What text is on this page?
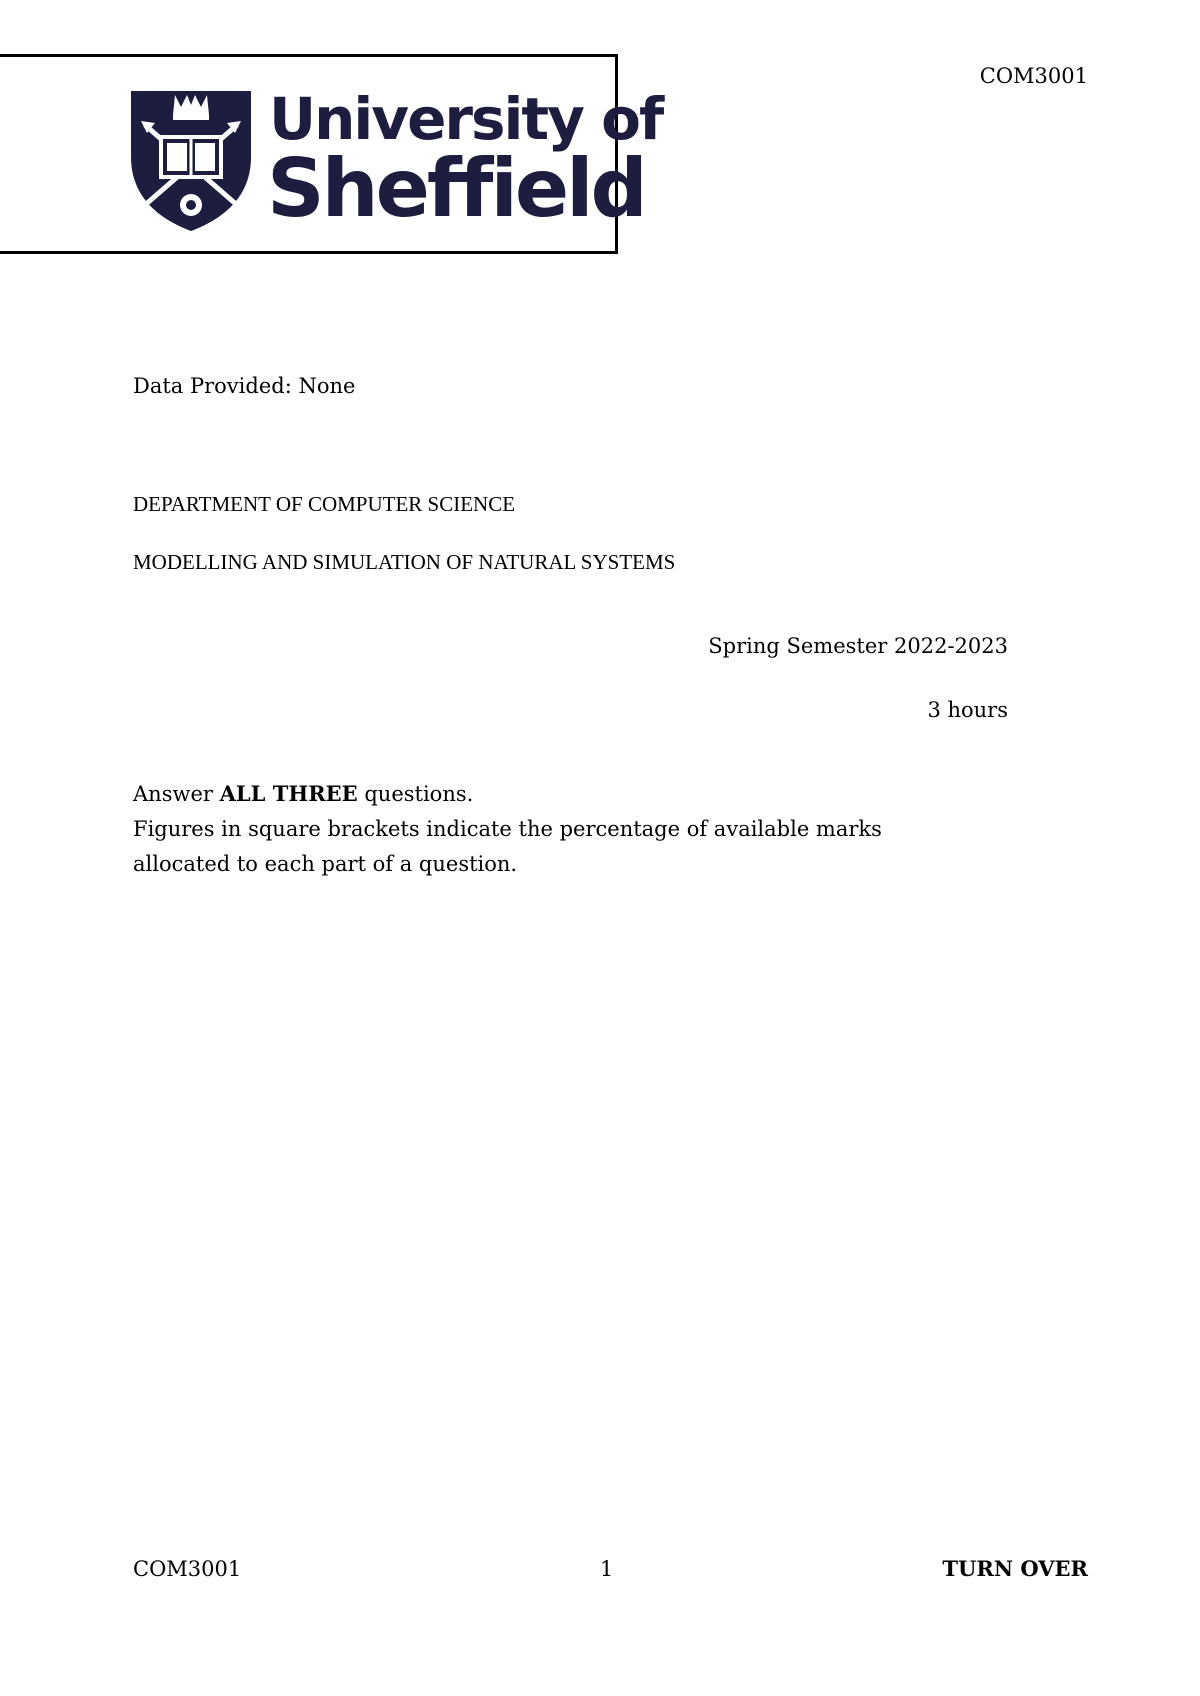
University of
Sheffield
COM3001
Data Provided: None
DEPARTMENT OF COMPUTER SCIENCE
MODELLING AND SIMULATION OF NATURAL SYSTEMS
Spring Semester 2022-2023
3 hours
Answer ALL THREE questions.
Figures in square brackets indicate the percentage of available marks
allocated to each part of a question.
COM3001	1	TURN OVER
